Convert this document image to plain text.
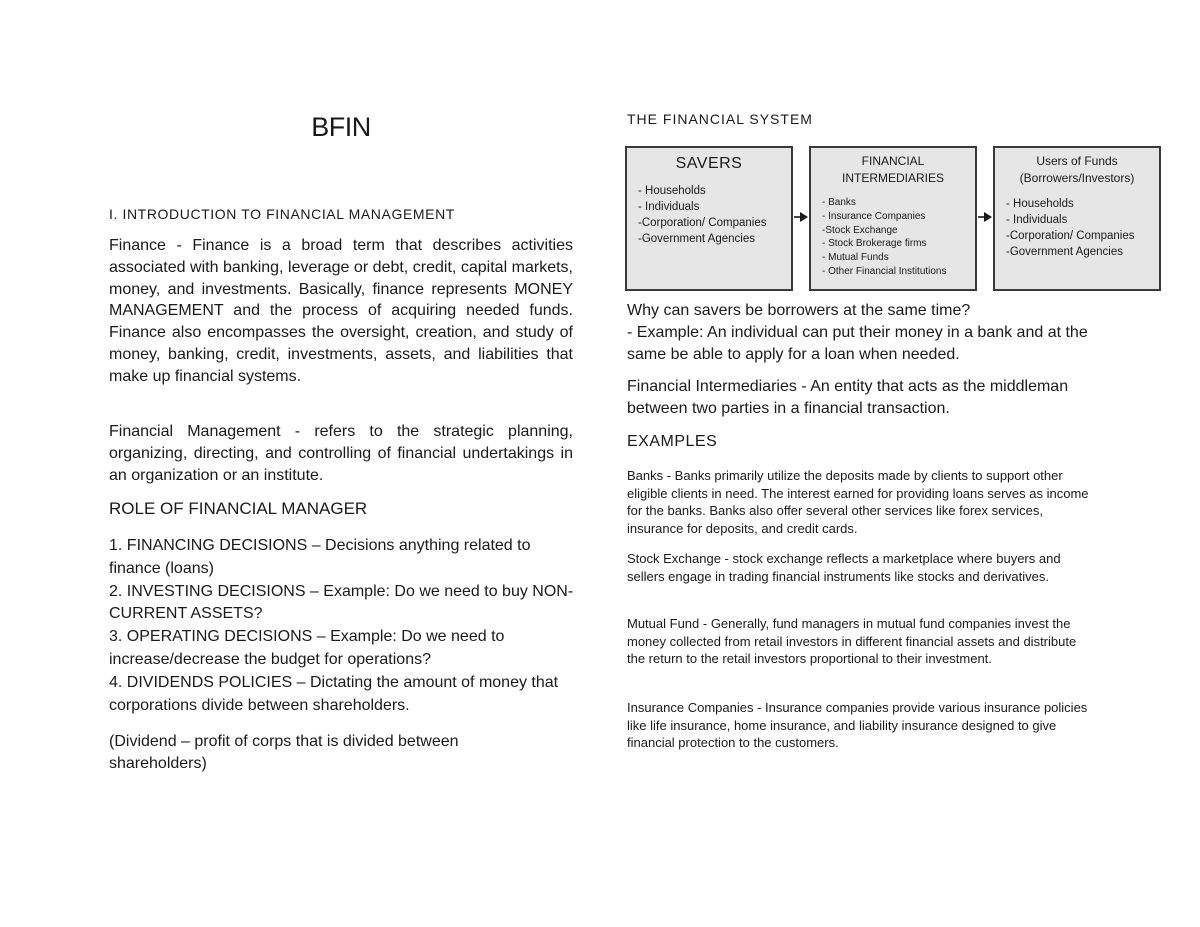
BFIN
I. INTRODUCTION TO FINANCIAL MANAGEMENT

Finance - Finance is a broad term that describes activities associated with banking, leverage or debt, credit, capital markets, money, and investments. Basically, finance represents MONEY MANAGEMENT and the process of acquiring needed funds. Finance also encompasses the oversight, creation, and study of money, banking, credit, investments, assets, and liabilities that make up financial systems.

Financial Management - refers to the strategic planning, organizing, directing, and controlling of financial undertakings in an organization or an institute.

ROLE OF FINANCIAL MANAGER
1. FINANCING DECISIONS – Decisions anything related to finance (loans)
2. INVESTING DECISIONS – Example: Do we need to buy NON-CURRENT ASSETS?
3. OPERATING DECISIONS – Example: Do we need to increase/decrease the budget for operations?
4. DIVIDENDS POLICIES – Dictating the amount of money that corporations divide between shareholders.
(Dividend – profit of corps that is divided between shareholders)
THE FINANCIAL SYSTEM
SAVERS
- Households
- Individuals
-Corporation/ Companies
-Government Agencies
FINANCIAL
INTERMEDIARIES
- Banks
- Insurance Companies
-Stock Exchange
- Stock Brokerage firms
- Mutual Funds
- Other Financial Institutions
Users of Funds
(Borrowers/Investors)
- Households
- Individuals
-Corporation/ Companies
-Government Agencies
Why can savers be borrowers at the same time?
- Example: An individual can put their money in a bank and at the same be able to apply for a loan when needed.
Financial Intermediaries - An entity that acts as the middleman between two parties in a financial transaction.
EXAMPLES

Banks - Banks primarily utilize the deposits made by clients to support other eligible clients in need. The interest earned for providing loans serves as income for the banks. Banks also offer several other services like forex services, insurance for deposits, and credit cards.

Stock Exchange - stock exchange reflects a marketplace where buyers and sellers engage in trading financial instruments like stocks and derivatives.

Mutual Fund - Generally, fund managers in mutual fund companies invest the money collected from retail investors in different financial assets and distribute the return to the retail investors proportional to their investment.

Insurance Companies - Insurance companies provide various insurance policies like life insurance, home insurance, and liability insurance designed to give financial protection to the customers.
